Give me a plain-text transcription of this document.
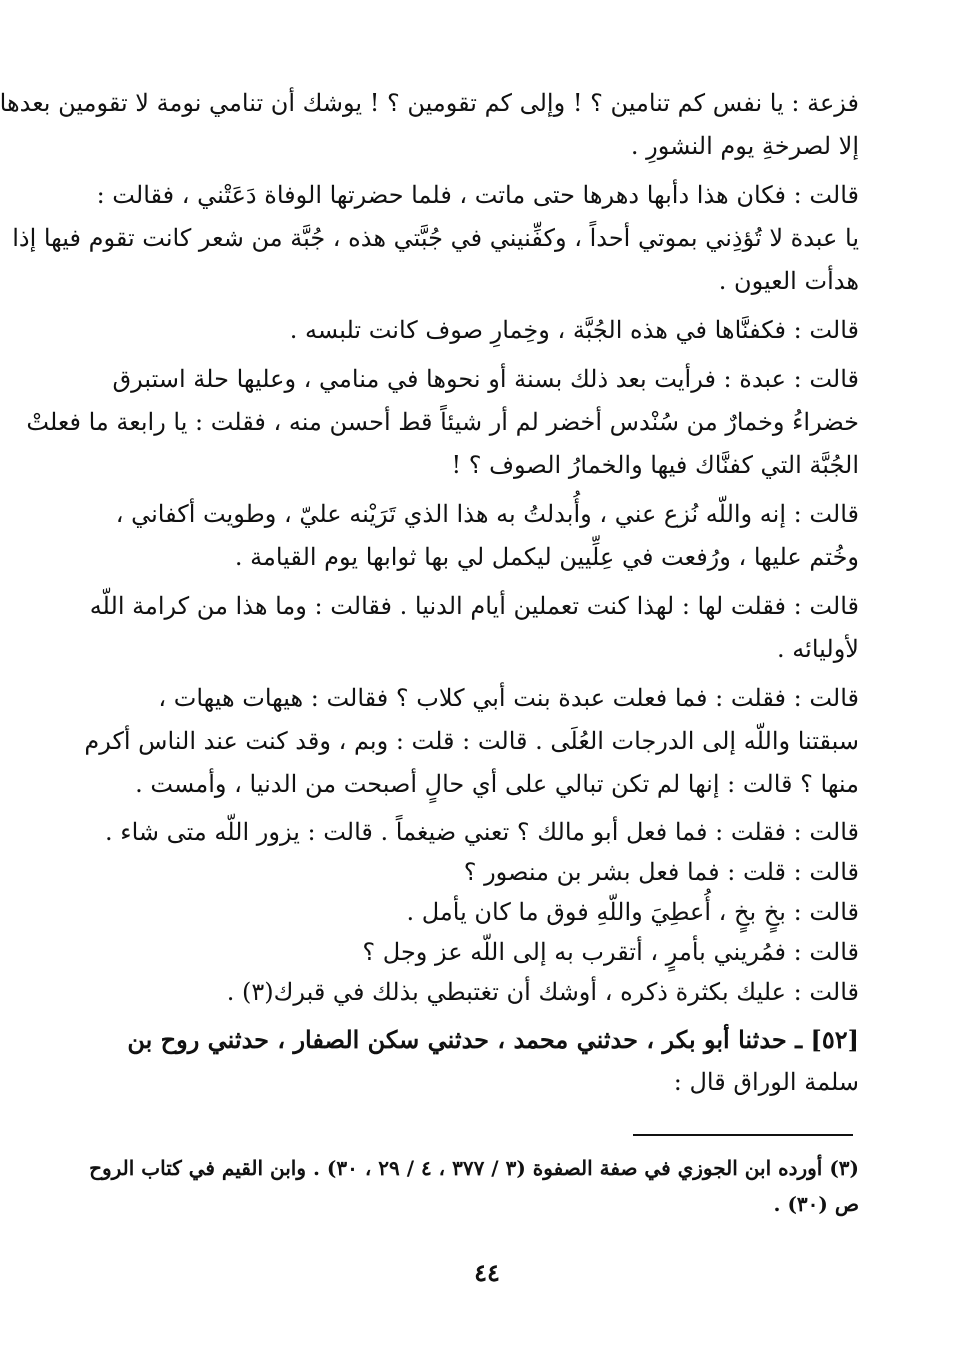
فزعة : يا نفس كم تنامين ؟ ! وإلى كم تقومين ؟ ! يوشك أن تنامي نومة لا تقومين بعدها
إلا لصرخةِ يوم النشورِ .

قالت : فكان هذا دأبها دهرها حتى ماتت ، فلما حضرتها الوفاة دَعَتْني ، فقالت :
يا عبدة لا تُؤذِني بموتي أحداً ، وكفِّنيني في جُبَّتي هذه ، جُبَّة من شعر كانت تقوم فيها إذا
هدأت العيون .

قالت : فكفنَّاها في هذه الجُبَّة ، وخِمارِ صوف كانت تلبسه .

قالت : عبدة : فرأيت بعد ذلك بسنة أو نحوها في منامي ، وعليها حلة استبرق
خضراءُ وخمارٌ من سُنْدس أخضر لم أر شيئاً قط أحسن منه ، فقلت : يا رابعة ما فعلتْ
الجُبَّة التي كفنَّاك فيها والخمارُ الصوف ؟ !

قالت : إنه واللّه نُزع عني ، وأُبدلتُ به هذا الذي تَرَيْنه عليّ ، وطويت أكفاني ،
وخُتم عليها ، ورُفعت في عِلِّيين ليكمل لي بها ثوابها يوم القيامة .

قالت : فقلت لها : لهذا كنت تعملين أيام الدنيا . فقالت : وما هذا من كرامة اللّه
لأوليائه .

قالت : فقلت : فما فعلت عبدة بنت أبي كلاب ؟ فقالت : هيهات هيهات ،
سبقتنا واللّه إلى الدرجات العُلَى . قالت : قلت : وبم ، وقد كنت عند الناس أكرم
منها ؟ قالت : إنها لم تكن تبالي على أي حالٍ أصبحت من الدنيا ، وأمست .

قالت : فقلت : فما فعل أبو مالك ؟ تعني ضيغماً . قالت : يزور اللّه متى شاء .
قالت : قلت : فما فعل بشر بن منصور ؟
قالت : بخٍ بخٍ ، أُعطِيَ واللّهِ فوق ما كان يأمل .
قالت : فمُريني بأمرٍ ، أتقرب به إلى اللّه عز وجل ؟
قالت : عليك بكثرة ذكره ، أوشك أن تغتبطي بذلك في قبرك(٣) .

[٥٢] ـ حدثنا أبو بكر ، حدثني محمد ، حدثني سكن الصفار ، حدثني روح بن
سلمة الوراق قال :

(٣) أورده ابن الجوزي في صفة الصفوة (٣ / ٣٧٧ ، ٤ / ٢٩ ، ٣٠) . وابن القيم في كتاب الروح
ص (٣٠) .
٤٤
